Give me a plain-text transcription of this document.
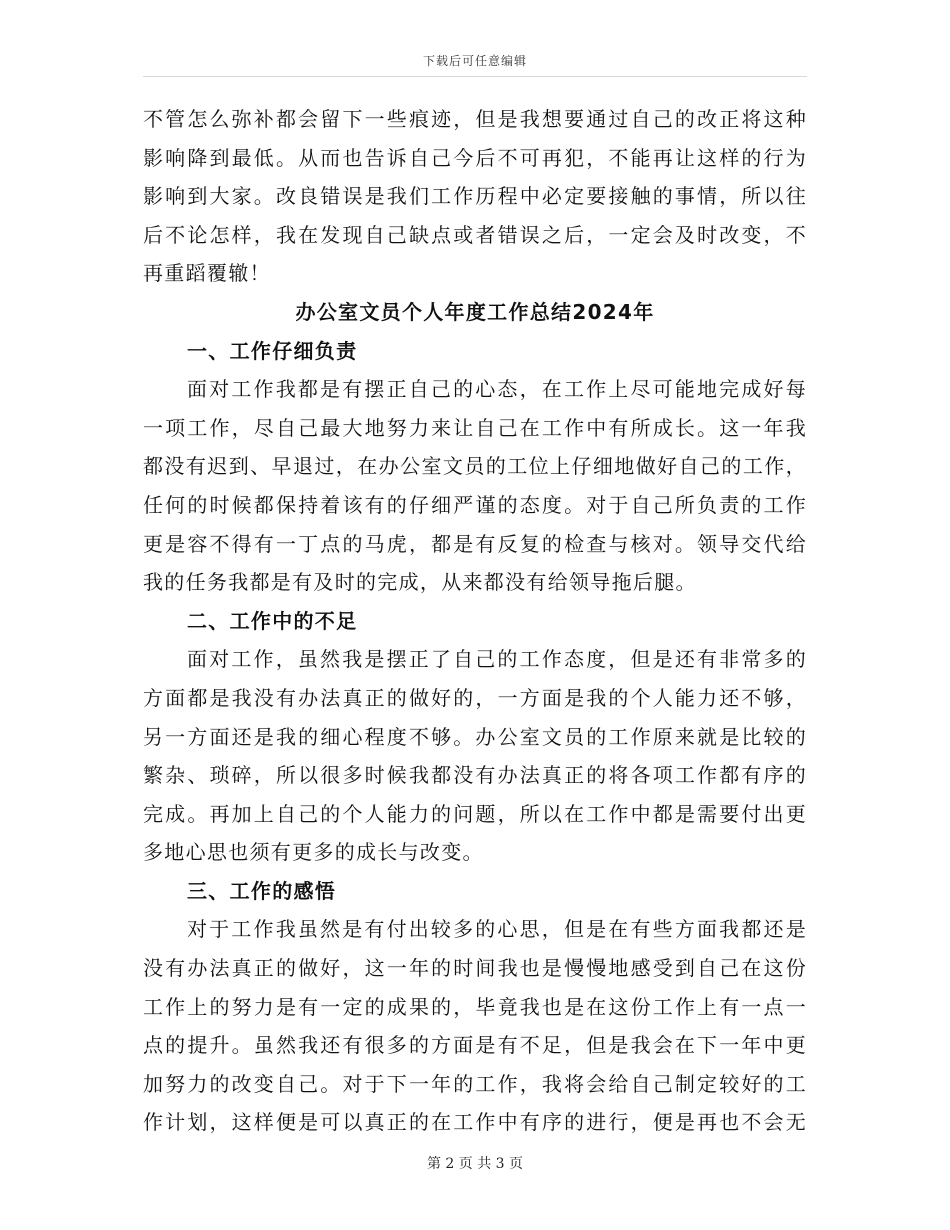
下载后可任意编辑
不管怎么弥补都会留下一些痕迹，但是我想要通过自己的改正将这种
影响降到最低。从而也告诉自己今后不可再犯，不能再让这样的行为
影响到大家。改良错误是我们工作历程中必定要接触的事情，所以往
后不论怎样，我在发现自己缺点或者错误之后，一定会及时改变，不
再重蹈覆辙！
办公室文员个人年度工作总结2024年
一、工作仔细负责
面对工作我都是有摆正自己的心态，在工作上尽可能地完成好每
一项工作，尽自己最大地努力来让自己在工作中有所成长。这一年我
都没有迟到、早退过，在办公室文员的工位上仔细地做好自己的工作，
任何的时候都保持着该有的仔细严谨的态度。对于自己所负责的工作
更是容不得有一丁点的马虎，都是有反复的检查与核对。领导交代给
我的任务我都是有及时的完成，从来都没有给领导拖后腿。
二、工作中的不足
面对工作，虽然我是摆正了自己的工作态度，但是还有非常多的
方面都是我没有办法真正的做好的，一方面是我的个人能力还不够，
另一方面还是我的细心程度不够。办公室文员的工作原来就是比较的
繁杂、琐碎，所以很多时候我都没有办法真正的将各项工作都有序的
完成。再加上自己的个人能力的问题，所以在工作中都是需要付出更
多地心思也须有更多的成长与改变。
三、工作的感悟
对于工作我虽然是有付出较多的心思，但是在有些方面我都还是
没有办法真正的做好，这一年的时间我也是慢慢地感受到自己在这份
工作上的努力是有一定的成果的，毕竟我也是在这份工作上有一点一
点的提升。虽然我还有很多的方面是有不足，但是我会在下一年中更
加努力的改变自己。对于下一年的工作，我将会给自己制定较好的工
作计划，这样便是可以真正的在工作中有序的进行，便是再也不会无
第 2 页 共 3 页
